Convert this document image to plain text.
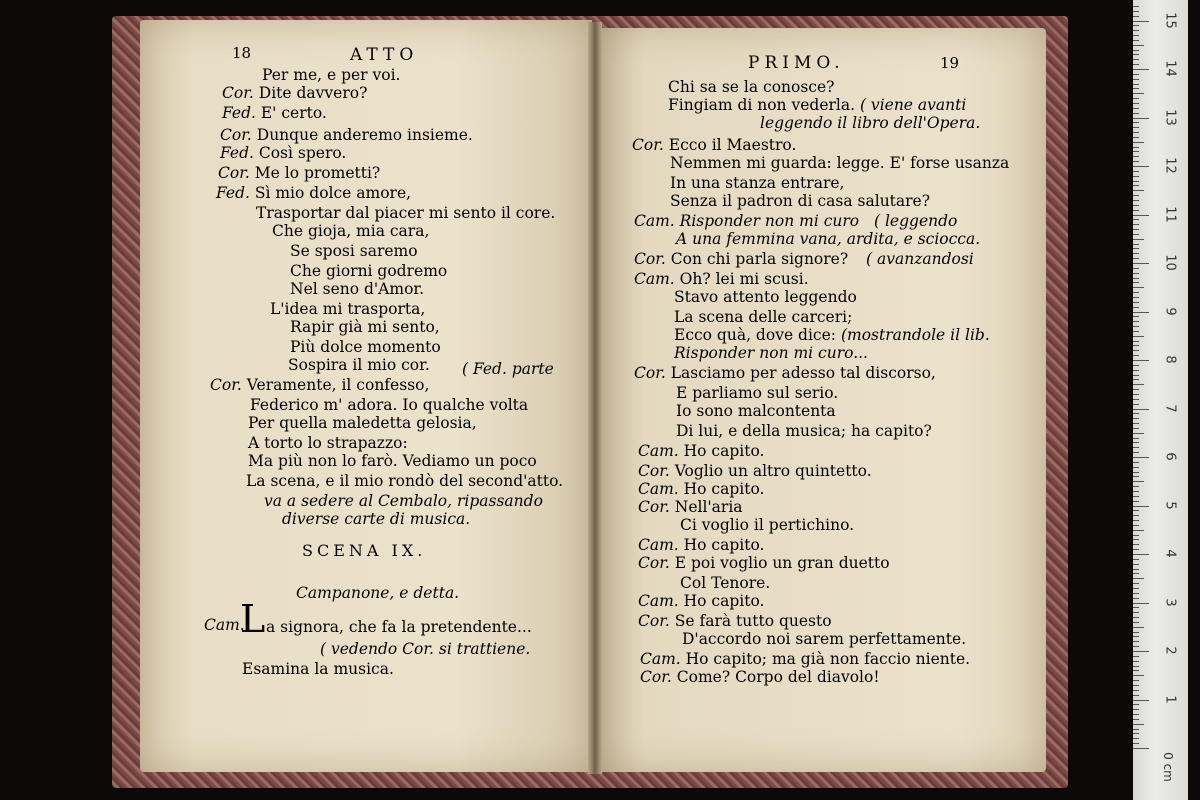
18	ATTO
Per me, e per voi.
Cor. Dite davvero?
Fed. E' certo.
Cor. Dunque anderemo insieme.
Fed. Così spero.
Cor. Me lo prometti?
Fed. Sì mio dolce amore,
Trasportar dal piacer mi sento il core.
Che gioja, mia cara,
Se sposi saremo
Che giorni godremo
Nel seno d'Amor.
L'idea mi trasporta,
Rapir già mi sento,
Più dolce momento
Sospira il mio cor.
Cor. Veramente, il confesso,
Federico m' adora. Io qualche volta
Per quella maledetta gelosia,
A torto lo strapazzo:
Ma più non lo farò. Vediamo un poco
La scena, e il mio rondò del second'atto.
( Fed. parte
va a sedere al Cembalo, ripassando
diverse carte di musica.
SCENA IX.
Campanone, e detta.
Cam.
L a signora, che fa la pretendente...
( vedendo Cor. si trattiene.
Esamina la musica.
PRIMO.	19
Chi sa se la conosce?
Fingiam di non vederla. ( viene avanti
leggendo il libro dell'Opera.
Cor. Ecco il Maestro.
Nemmen mi guarda: legge. E' forse usanza
In una stanza entrare,
Senza il padron di casa salutare?
Cam. Risponder non mi curo
A una femmina vana, ardita, e sciocca.
Cor. Con chi parla signore?
Cam. Oh? lei mi scusi.
Stavo attento leggendo
La scena delle carceri;
Ecco quà, dove dice: (mostrandole il lib.
Risponder non mi curo...
Cor. Lasciamo per adesso tal discorso,
E parliamo sul serio.
Io sono malcontenta
Di lui, e della musica; ha capito?
Cam. Ho capito.
Cor. Voglio un altro quintetto.
Cam. Ho capito.
Cor. Nell'aria
Ci voglio il pertichino.
Cam. Ho capito.
Cor. E poi voglio un gran duetto
Col Tenore.
Cam. Ho capito.
Cor. Se farà tutto questo
D'accordo noi sarem perfettamente.
Cam. Ho capito; ma già non faccio niente.
Cor. Come? Corpo del diavolo!
( leggendo
( avanzandosi
0 cm
1
2
3
4
5
6
7
8
9
10
11
12
13
14
15
